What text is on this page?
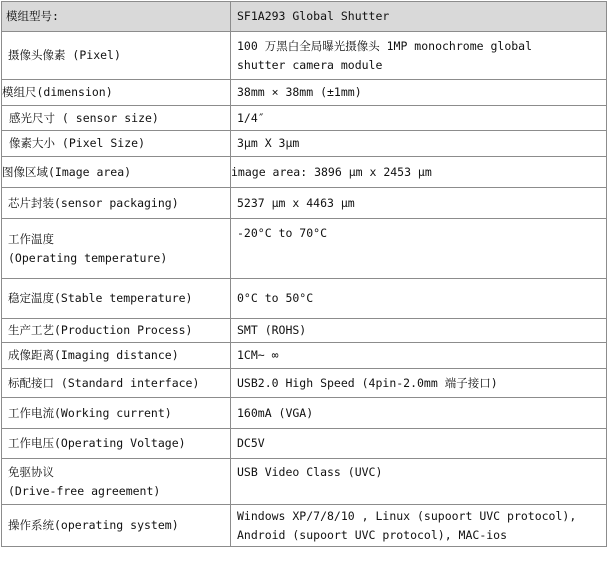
模组型号:	SF1A293 Global Shutter
摄像头像素 (Pixel)	100 万黑白全局曝光摄像头 1MP monochrome global
shutter camera module
模组尺(dimension)	38mm × 38mm (±1mm)
感光尺寸 ( sensor size)	1/4″
像素大小 (Pixel Size)	3μm X 3μm
图像区域(Image area)	image area: 3896 μm x 2453 μm
芯片封装(sensor packaging)	5237 μm x 4463 μm
工作温度
(Operating temperature)	-20°C to 70°C
稳定温度(Stable temperature)	0°C to 50°C
生产工艺(Production Process)	SMT (ROHS)
成像距离(Imaging distance)	1CM~ ∞
标配接口 (Standard interface)	USB2.0 High Speed (4pin-2.0mm 端子接口)
工作电流(Working current)	160mA (VGA)
工作电压(Operating Voltage)	DC5V
免驱协议
(Drive-free agreement)	USB Video Class (UVC)
操作系统(operating system)	Windows XP/7/8/10 , Linux (supoort UVC protocol),
Android (supoort UVC protocol), MAC-ios
